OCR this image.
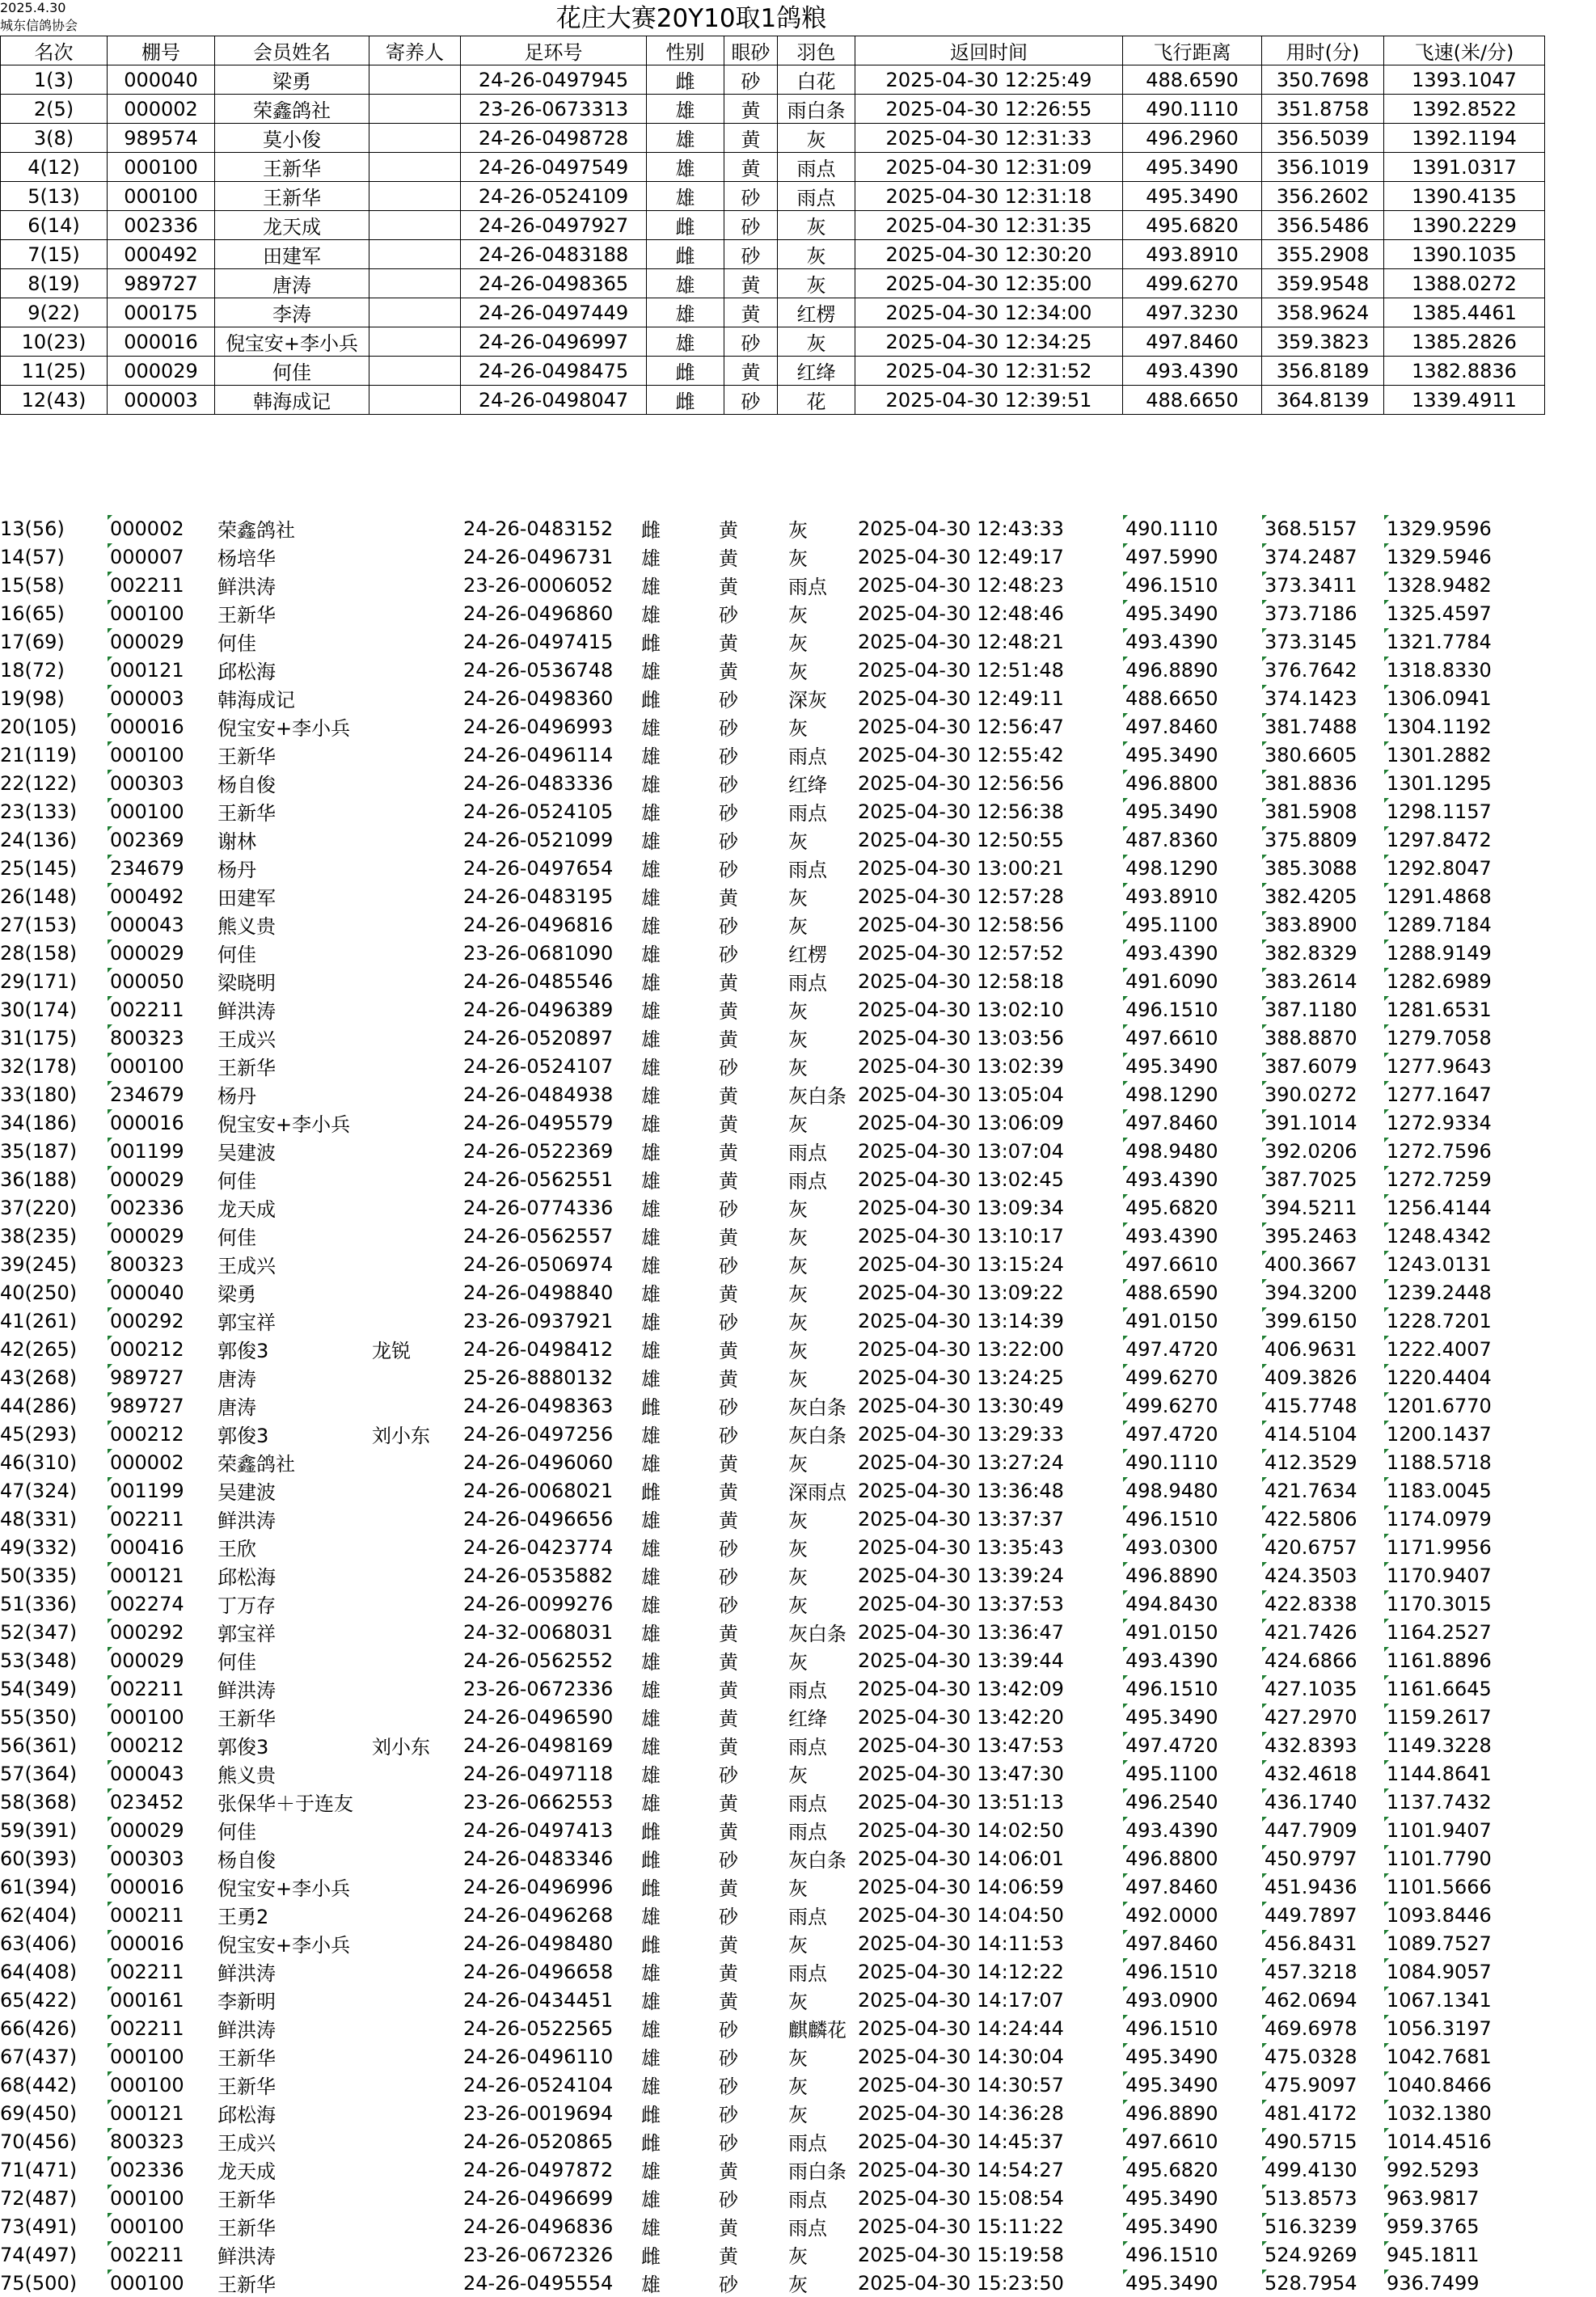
花庄大赛20Y10取1鸽粮
名次	棚号	会员姓名	寄养人	足环号	性别	眼砂	羽色	返回时间	飞行距离	用时(分)	飞速(米/分)
1(3)	000040	梁勇		24-26-0497945	雌	砂	白花	2025-04-30 12:25:49	488.6590	350.7698	1393.1047
2(5)	000002	荣鑫鸽社		23-26-0673313	雄	黄	雨白条	2025-04-30 12:26:55	490.1110	351.8758	1392.8522
3(8)	989574	莫小俊		24-26-0498728	雄	黄	灰	2025-04-30 12:31:33	496.2960	356.5039	1392.1194
4(12)	000100	王新华		24-26-0497549	雄	黄	雨点	2025-04-30 12:31:09	495.3490	356.1019	1391.0317
5(13)	000100	王新华		24-26-0524109	雄	砂	雨点	2025-04-30 12:31:18	495.3490	356.2602	1390.4135
6(14)	002336	龙天成		24-26-0497927	雌	砂	灰	2025-04-30 12:31:35	495.6820	356.5486	1390.2229
7(15)	000492	田建军		24-26-0483188	雌	砂	灰	2025-04-30 12:30:20	493.8910	355.2908	1390.1035
8(19)	989727	唐涛		24-26-0498365	雄	黄	灰	2025-04-30 12:35:00	499.6270	359.9548	1388.0272
9(22)	000175	李涛		24-26-0497449	雄	黄	红楞	2025-04-30 12:34:00	497.3230	358.9624	1385.4461
10(23)	000016	倪宝安+李小兵		24-26-0496997	雄	砂	灰	2025-04-30 12:34:25	497.8460	359.3823	1385.2826
11(25)	000029	何佳		24-26-0498475	雌	黄	红绛	2025-04-30 12:31:52	493.4390	356.8189	1382.8836
12(43)	000003	韩海成记		24-26-0498047	雌	砂	花	2025-04-30 12:39:51	488.6650	364.8139	1339.4911
2025.4.30
城东信鸽协会
13(56)	000002	荣鑫鸽社		24-26-0483152	雌	黄	灰	2025-04-30 12:43:33	490.1110	368.5157	1329.9596
14(57)	000007	杨培华		24-26-0496731	雄	黄	灰	2025-04-30 12:49:17	497.5990	374.2487	1329.5946
15(58)	002211	鲜洪涛		23-26-0006052	雄	黄	雨点	2025-04-30 12:48:23	496.1510	373.3411	1328.9482
16(65)	000100	王新华		24-26-0496860	雄	砂	灰	2025-04-30 12:48:46	495.3490	373.7186	1325.4597
17(69)	000029	何佳		24-26-0497415	雌	黄	灰	2025-04-30 12:48:21	493.4390	373.3145	1321.7784
18(72)	000121	邱松海		24-26-0536748	雄	黄	灰	2025-04-30 12:51:48	496.8890	376.7642	1318.8330
19(98)	000003	韩海成记		24-26-0498360	雌	砂	深灰	2025-04-30 12:49:11	488.6650	374.1423	1306.0941
20(105)	000016	倪宝安+李小兵		24-26-0496993	雄	砂	灰	2025-04-30 12:56:47	497.8460	381.7488	1304.1192
21(119)	000100	王新华		24-26-0496114	雄	砂	雨点	2025-04-30 12:55:42	495.3490	380.6605	1301.2882
22(122)	000303	杨自俊		24-26-0483336	雄	砂	红绛	2025-04-30 12:56:56	496.8800	381.8836	1301.1295
23(133)	000100	王新华		24-26-0524105	雄	砂	雨点	2025-04-30 12:56:38	495.3490	381.5908	1298.1157
24(136)	002369	谢林		24-26-0521099	雄	砂	灰	2025-04-30 12:50:55	487.8360	375.8809	1297.8472
25(145)	234679	杨丹		24-26-0497654	雄	砂	雨点	2025-04-30 13:00:21	498.1290	385.3088	1292.8047
26(148)	000492	田建军		24-26-0483195	雄	黄	灰	2025-04-30 12:57:28	493.8910	382.4205	1291.4868
27(153)	000043	熊义贵		24-26-0496816	雄	砂	灰	2025-04-30 12:58:56	495.1100	383.8900	1289.7184
28(158)	000029	何佳		23-26-0681090	雄	砂	红楞	2025-04-30 12:57:52	493.4390	382.8329	1288.9149
29(171)	000050	梁晓明		24-26-0485546	雄	黄	雨点	2025-04-30 12:58:18	491.6090	383.2614	1282.6989
30(174)	002211	鲜洪涛		24-26-0496389	雄	黄	灰	2025-04-30 13:02:10	496.1510	387.1180	1281.6531
31(175)	800323	王成兴		24-26-0520897	雄	黄	灰	2025-04-30 13:03:56	497.6610	388.8870	1279.7058
32(178)	000100	王新华		24-26-0524107	雄	砂	灰	2025-04-30 13:02:39	495.3490	387.6079	1277.9643
33(180)	234679	杨丹		24-26-0484938	雄	黄	灰白条	2025-04-30 13:05:04	498.1290	390.0272	1277.1647
34(186)	000016	倪宝安+李小兵		24-26-0495579	雄	黄	灰	2025-04-30 13:06:09	497.8460	391.1014	1272.9334
35(187)	001199	吴建波		24-26-0522369	雄	黄	雨点	2025-04-30 13:07:04	498.9480	392.0206	1272.7596
36(188)	000029	何佳		24-26-0562551	雄	黄	雨点	2025-04-30 13:02:45	493.4390	387.7025	1272.7259
37(220)	002336	龙天成		24-26-0774336	雄	砂	灰	2025-04-30 13:09:34	495.6820	394.5211	1256.4144
38(235)	000029	何佳		24-26-0562557	雄	黄	灰	2025-04-30 13:10:17	493.4390	395.2463	1248.4342
39(245)	800323	王成兴		24-26-0506974	雄	砂	灰	2025-04-30 13:15:24	497.6610	400.3667	1243.0131
40(250)	000040	梁勇		24-26-0498840	雄	黄	灰	2025-04-30 13:09:22	488.6590	394.3200	1239.2448
41(261)	000292	郭宝祥		23-26-0937921	雄	砂	灰	2025-04-30 13:14:39	491.0150	399.6150	1228.7201
42(265)	000212	郭俊3	龙锐	24-26-0498412	雄	黄	灰	2025-04-30 13:22:00	497.4720	406.9631	1222.4007
43(268)	989727	唐涛		25-26-8880132	雄	黄	灰	2025-04-30 13:24:25	499.6270	409.3826	1220.4404
44(286)	989727	唐涛		24-26-0498363	雌	砂	灰白条	2025-04-30 13:30:49	499.6270	415.7748	1201.6770
45(293)	000212	郭俊3	刘小东	24-26-0497256	雄	砂	灰白条	2025-04-30 13:29:33	497.4720	414.5104	1200.1437
46(310)	000002	荣鑫鸽社		24-26-0496060	雄	黄	灰	2025-04-30 13:27:24	490.1110	412.3529	1188.5718
47(324)	001199	吴建波		24-26-0068021	雌	黄	深雨点	2025-04-30 13:36:48	498.9480	421.7634	1183.0045
48(331)	002211	鲜洪涛		24-26-0496656	雄	黄	灰	2025-04-30 13:37:37	496.1510	422.5806	1174.0979
49(332)	000416	王欣		24-26-0423774	雄	砂	灰	2025-04-30 13:35:43	493.0300	420.6757	1171.9956
50(335)	000121	邱松海		24-26-0535882	雄	砂	灰	2025-04-30 13:39:24	496.8890	424.3503	1170.9407
51(336)	002274	丁万存		24-26-0099276	雄	砂	灰	2025-04-30 13:37:53	494.8430	422.8338	1170.3015
52(347)	000292	郭宝祥		24-32-0068031	雄	黄	灰白条	2025-04-30 13:36:47	491.0150	421.7426	1164.2527
53(348)	000029	何佳		24-26-0562552	雄	黄	灰	2025-04-30 13:39:44	493.4390	424.6866	1161.8896
54(349)	002211	鲜洪涛		23-26-0672336	雄	黄	雨点	2025-04-30 13:42:09	496.1510	427.1035	1161.6645
55(350)	000100	王新华		24-26-0496590	雄	黄	红绛	2025-04-30 13:42:20	495.3490	427.2970	1159.2617
56(361)	000212	郭俊3	刘小东	24-26-0498169	雄	黄	雨点	2025-04-30 13:47:53	497.4720	432.8393	1149.3228
57(364)	000043	熊义贵		24-26-0497118	雄	砂	灰	2025-04-30 13:47:30	495.1100	432.4618	1144.8641
58(368)	023452	张保华＋于连友		23-26-0662553	雄	黄	雨点	2025-04-30 13:51:13	496.2540	436.1740	1137.7432
59(391)	000029	何佳		24-26-0497413	雌	黄	雨点	2025-04-30 14:02:50	493.4390	447.7909	1101.9407
60(393)	000303	杨自俊		24-26-0483346	雌	砂	灰白条	2025-04-30 14:06:01	496.8800	450.9797	1101.7790
61(394)	000016	倪宝安+李小兵		24-26-0496996	雌	黄	灰	2025-04-30 14:06:59	497.8460	451.9436	1101.5666
62(404)	000211	王勇2		24-26-0496268	雄	砂	雨点	2025-04-30 14:04:50	492.0000	449.7897	1093.8446
63(406)	000016	倪宝安+李小兵		24-26-0498480	雌	黄	灰	2025-04-30 14:11:53	497.8460	456.8431	1089.7527
64(408)	002211	鲜洪涛		24-26-0496658	雄	黄	雨点	2025-04-30 14:12:22	496.1510	457.3218	1084.9057
65(422)	000161	李新明		24-26-0434451	雄	黄	灰	2025-04-30 14:17:07	493.0900	462.0694	1067.1341
66(426)	002211	鲜洪涛		24-26-0522565	雄	砂	麒麟花	2025-04-30 14:24:44	496.1510	469.6978	1056.3197
67(437)	000100	王新华		24-26-0496110	雄	砂	灰	2025-04-30 14:30:04	495.3490	475.0328	1042.7681
68(442)	000100	王新华		24-26-0524104	雄	砂	灰	2025-04-30 14:30:57	495.3490	475.9097	1040.8466
69(450)	000121	邱松海		23-26-0019694	雌	砂	灰	2025-04-30 14:36:28	496.8890	481.4172	1032.1380
70(456)	800323	王成兴		24-26-0520865	雌	砂	雨点	2025-04-30 14:45:37	497.6610	490.5715	1014.4516
71(471)	002336	龙天成		24-26-0497872	雄	黄	雨白条	2025-04-30 14:54:27	495.6820	499.4130	992.5293
72(487)	000100	王新华		24-26-0496699	雄	砂	雨点	2025-04-30 15:08:54	495.3490	513.8573	963.9817
73(491)	000100	王新华		24-26-0496836	雄	黄	雨点	2025-04-30 15:11:22	495.3490	516.3239	959.3765
74(497)	002211	鲜洪涛		23-26-0672326	雌	黄	灰	2025-04-30 15:19:58	496.1510	524.9269	945.1811
75(500)	000100	王新华		24-26-0495554	雄	砂	灰	2025-04-30 15:23:50	495.3490	528.7954	936.7499
